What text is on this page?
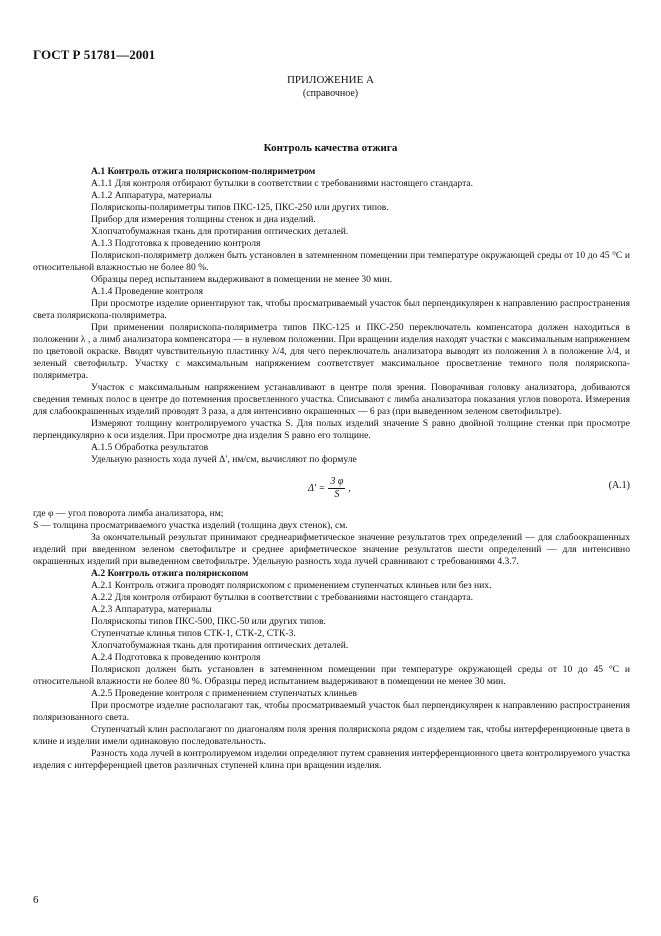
ГОСТ Р 51781—2001
ПРИЛОЖЕНИЕ А
(справочное)
Контроль качества отжига

А.1 Контроль отжига полярископом-поляриметром

А.1.1 Для контроля отбирают бутылки в соответствии с требованиями настоящего стандарта.

А.1.2 Аппаратура, материалы

Полярископы-поляриметры типов ПКС-125, ПКС-250 или других типов.

Прибор для измерения толщины стенок и дна изделий.

Хлопчатобумажная ткань для протирания оптических деталей.

А.1.3 Подготовка к проведению контроля

Полярископ-поляриметр должен быть установлен в затемненном помещении при температуре окружающей среды от 10 до 45 °С и относительной влажностью не более 80 %.

Образцы перед испытанием выдерживают в помещении не менее 30 мин.

А.1.4 Проведение контроля

При просмотре изделие ориентируют так, чтобы просматриваемый участок был перпендикулярен к направлению распространения света полярископа-поляриметра.

При применении полярископа-поляриметра типов ПКС-125 и ПКС-250 переключатель компенсатора должен находиться в положении λ , а лимб анализатора компенсатора — в нулевом положении. При вращении изделия находят участки с максимальным напряжением по цветовой окраске. Вводят чувствительную пластинку λ/4, для чего переключатель анализатора выводят из положения λ в положение λ/4, и зеленый светофильтр. Участку с максимальным напряжением соответствует максимальное просветление темного поля полярископа-поляриметра.

Участок с максимальным напряжением устанавливают в центре поля зрения. Поворачивая головку анализатора, добиваются сведения темных полос в центре до потемнения просветленного участка. Списывают с лимба анализатора показания углов поворота. Измерения для слабоокрашенных изделий проводят 3 раза, а для интенсивно окрашенных — 6 раз (при выведенном зеленом светофильтре).

Измеряют толщину контролируемого участка S. Для полых изделий значение S равно двойной толщине стенки при просмотре перпендикулярно к оси изделия. При просмотре дна изделия S равно его толщине.

А.1.5 Обработка результатов

Удельную разность хода лучей Δ′, нм/см, вычисляют по формуле

$\Delta' = \frac{3 \varphi}{S}$ ,	(А.1)

где φ — угол поворота лимба анализатора, нм;

S — толщина просматриваемого участка изделий (толщина двух стенок), см.

За окончательный результат принимают среднеарифметическое значение результатов трех определений — для слабоокрашенных изделий при введенном зеленом светофильтре и среднее арифметическое значение результатов шести определений — для интенсивно окрашенных изделий при выведенном светофильтре. Удельную разность хода лучей сравнивают с требованиями 4.3.7.

А.2 Контроль отжига полярископом

А.2.1 Контроль отжига проводят полярископом с применением ступенчатых клиньев или без них.

А.2.2 Для контроля отбирают бутылки в соответствии с требованиями настоящего стандарта.

А.2.3 Аппаратура, материалы

Полярископы типов ПКС-500, ПКС-50 или других типов.

Ступенчатые клинья типов СТК-1, СТК-2, СТК-3.

Хлопчатобумажная ткань для протирания оптических деталей.

А.2.4 Подготовка к проведению контроля

Полярископ должен быть установлен в затемненном помещении при температуре окружающей среды от 10 до 45 °С и относительной влажности не более 80 %. Образцы перед испытанием выдерживают в помещении не менее 30 мин.

А.2.5 Проведение контроля с применением ступенчатых клиньев

При просмотре изделие располагают так, чтобы просматриваемый участок был перпендикулярен к направлению распространения поляризованного света.

Ступенчатый клин располагают по диагоналям поля зрения полярископа рядом с изделием так, чтобы интерференционные цвета в клине и изделии имели одинаковую последовательность.

Разность хода лучей в контролируемом изделии определяют путем сравнения интерференционного цвета контролируемого участка изделия с интерференцией цветов различных ступеней клина при вращении изделия.

6
